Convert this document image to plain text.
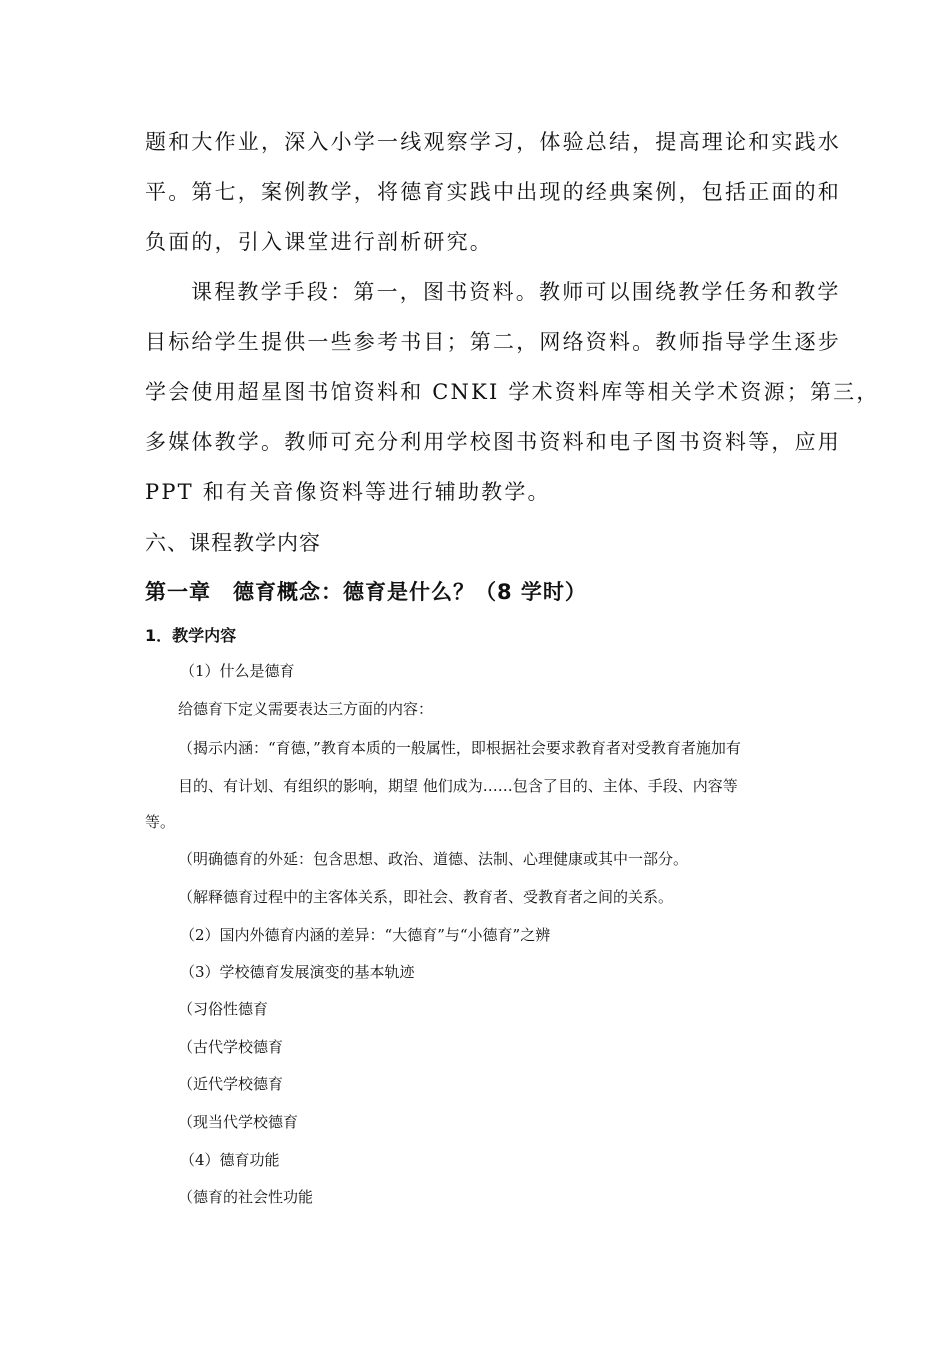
题和大作业，深入小学一线观察学习，体验总结，提高理论和实践水
平。第七，案例教学，将德育实践中出现的经典案例，包括正面的和
负面的，引入课堂进行剖析研究。
课程教学手段：第一，图书资料。教师可以围绕教学任务和教学
目标给学生提供一些参考书目；第二，网络资料。教师指导学生逐步
学会使用超星图书馆资料和 CNKI 学术资料库等相关学术资源；第三，
多媒体教学。教师可充分利用学校图书资料和电子图书资料等，应用
PPT 和有关音像资料等进行辅助教学。
六、课程教学内容
第一章　德育概念：德育是什么？（8 学时）
1．教学内容

（1）什么是德育

给德育下定义需要表达三方面的内容：

（揭示内涵：“育德，”教育本质的一般属性，即根据社会要求教育者对受教育者施加有

目的、有计划、有组织的影响，期望 他们成为……包含了目的、主体、手段、内容等

等。

（明确德育的外延：包含思想、政治、道德、法制、心理健康或其中一部分。

（解释德育过程中的主客体关系，即社会、教育者、受教育者之间的关系。

（2）国内外德育内涵的差异：“大德育”与“小德育”之辨

（3）学校德育发展演变的基本轨迹

（习俗性德育

（古代学校德育

（近代学校德育

（现当代学校德育

（4）德育功能

（德育的社会性功能
